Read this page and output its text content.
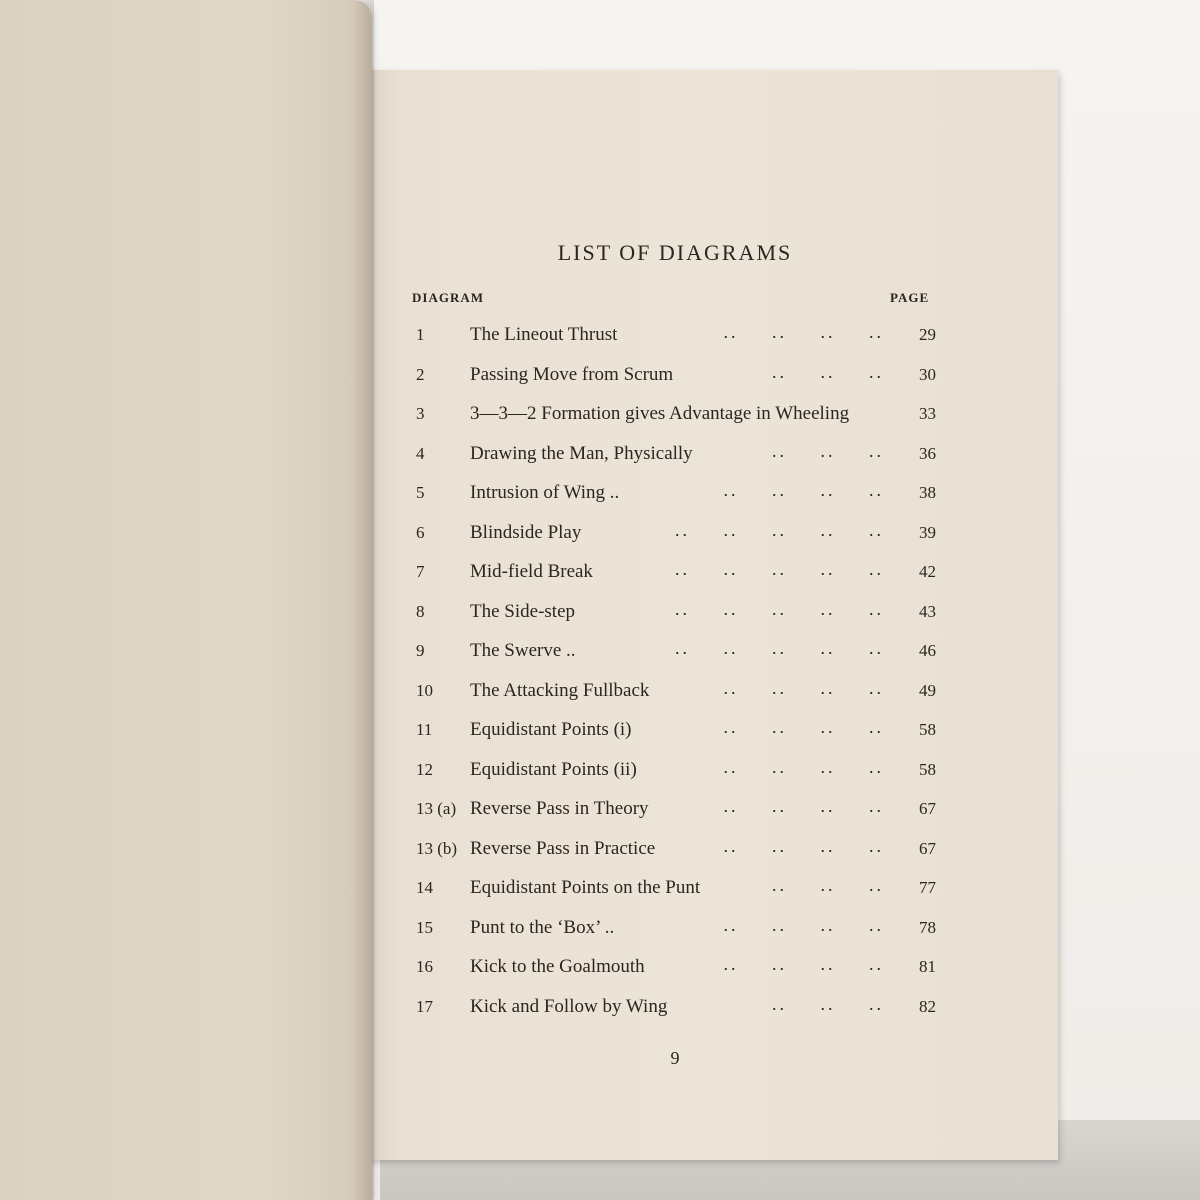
LIST OF DIAGRAMS
DIAGRAM	PAGE
1 The Lineout Thrust	.. .. .. ..	29
2 Passing Move from Scrum	.. .. ..	30
3 3—3—2 Formation gives Advantage in Wheeling	33
4 Drawing the Man, Physically	.. .. ..	36
5 Intrusion of Wing ..	.. .. .. ..	38
6 Blindside Play	.. .. .. .. ..	39
7 Mid-field Break	.. .. .. .. ..	42
8 The Side-step	.. .. .. .. ..	43
9 The Swerve ..	.. .. .. .. ..	46
10 The Attacking Fullback	.. .. .. ..	49
11 Equidistant Points (i)	.. .. .. ..	58
12 Equidistant Points (ii)	.. .. .. ..	58
13 (a) Reverse Pass in Theory	.. .. .. ..	67
13 (b) Reverse Pass in Practice	.. .. .. ..	67
14 Equidistant Points on the Punt	.. .. ..	77
15 Punt to the ‘Box’ ..	.. .. .. ..	78
16 Kick to the Goalmouth	.. .. .. ..	81
17 Kick and Follow by Wing	.. .. ..	82
9
